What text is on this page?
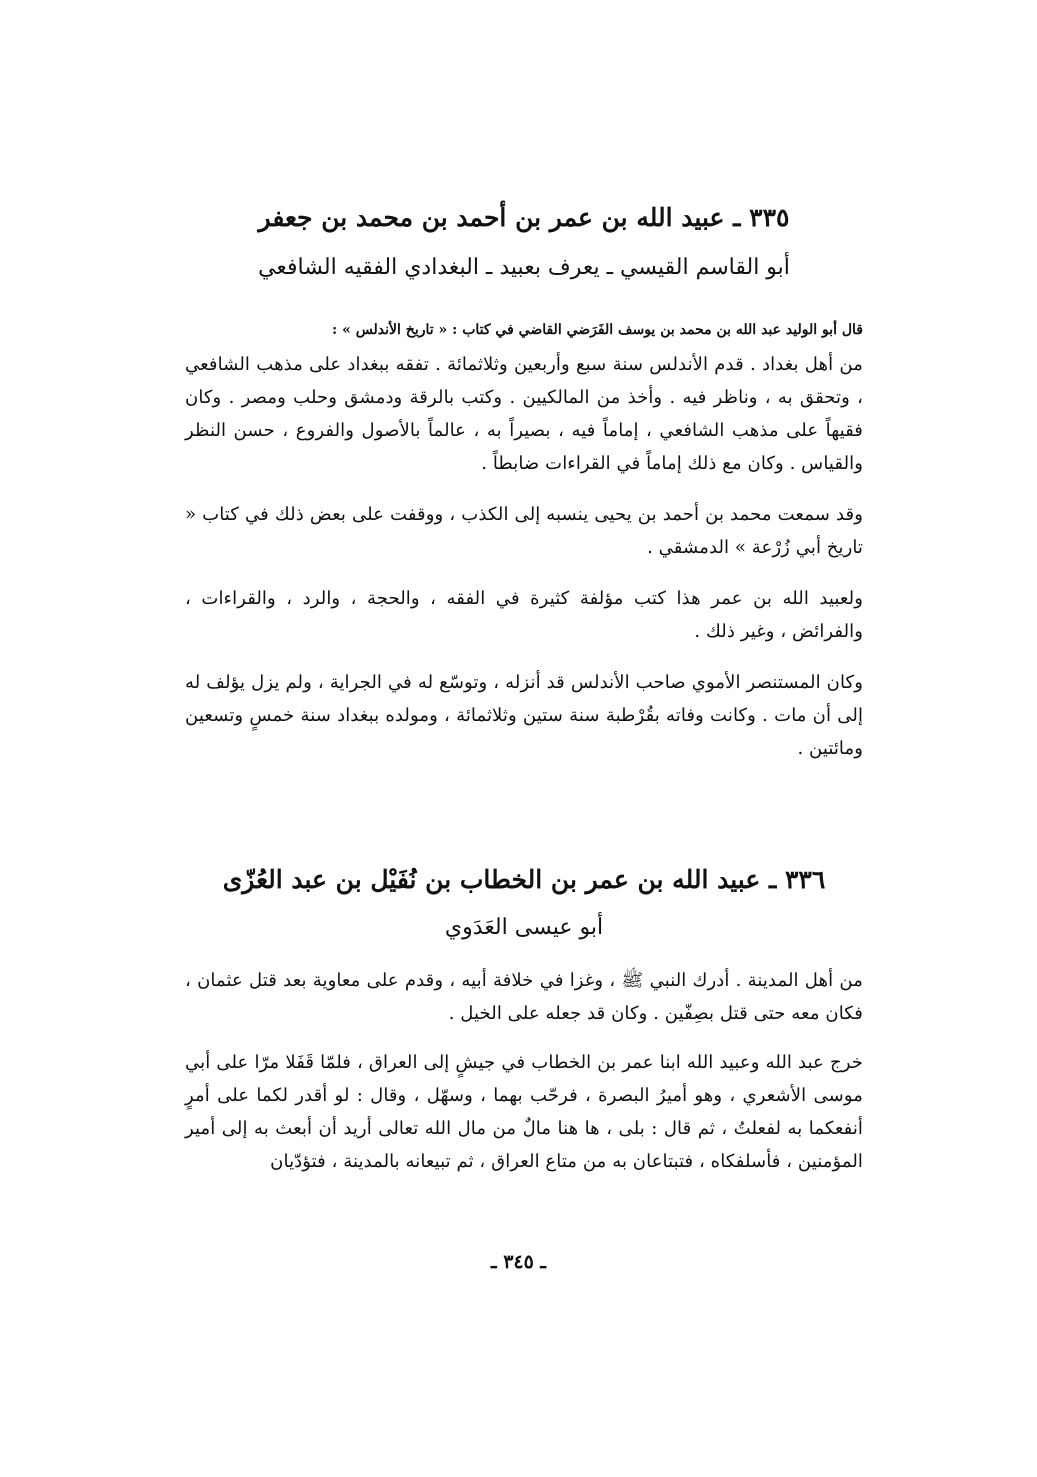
٣٣٥ ـ عبيد الله بن عمر بن أحمد بن محمد بن جعفر
أبو القاسم القيسي ـ يعرف بعبيد ـ البغدادي الفقيه الشافعي
قال أبو الوليد عبد الله بن محمد بن يوسف الفَرَضي القاضي في كتاب : « تاريخ الأندلس » :

من أهل بغداد . قدم الأندلس سنة سبع وأربعين وثلاثمائة . تفقه ببغداد على مذهب الشافعي ، وتحقق به ، وناظر فيه . وأخذ من المالكيين . وكتب بالرقة ودمشق وحلب ومصر . وكان فقيهاً على مذهب الشافعي ، إماماً فيه ، بصيراً به ، عالماً بالأصول والفروع ، حسن النظر والقياس . وكان مع ذلك إماماً في القراءات ضابطاً .

وقد سمعت محمد بن أحمد بن يحيى ينسبه إلى الكذب ، ووقفت على بعض ذلك في كتاب « تاريخ أبي زُرْعة » الدمشقي .

ولعبيد الله بن عمر هذا كتب مؤلفة كثيرة في الفقه ، والحجة ، والرد ، والقراءات ، والفرائض ، وغير ذلك .

وكان المستنصر الأموي صاحب الأندلس قد أنزله ، وتوسّع له في الجراية ، ولم يزل يؤلف له إلى أن مات . وكانت وفاته بقُرْطبة سنة ستين وثلاثمائة ، ومولده ببغداد سنة خمسٍ وتسعين ومائتين .

٣٣٦ ـ عبيد الله بن عمر بن الخطاب بن نُفَيْل بن عبد العُزّى
أبو عيسى العَدَوي

من أهل المدينة . أدرك النبي ﷺ ، وغزا في خلافة أبيه ، وقدم على معاوية بعد قتل عثمان ، فكان معه حتى قتل بصِفّين . وكان قد جعله على الخيل .

خرج عبد الله وعبيد الله ابنا عمر بن الخطاب في جيشٍ إلى العراق ، فلمّا قَفَلا مرّا على أبي موسى الأشعري ، وهو أميرُ البصرة ، فرحّب بهما ، وسهّل ، وقال : لو أقدر لكما على أمرٍ أنفعكما به لفعلتُ ، ثم قال : بلى ، ها هنا مالٌ من مال الله تعالى أريد أن أبعث به إلى أمير المؤمنين ، فأسلفكاه ، فتبتاعان به من متاع العراق ، ثم تبيعانه بالمدينة ، فتؤدّيان

ـ ٣٤٥ ـ
